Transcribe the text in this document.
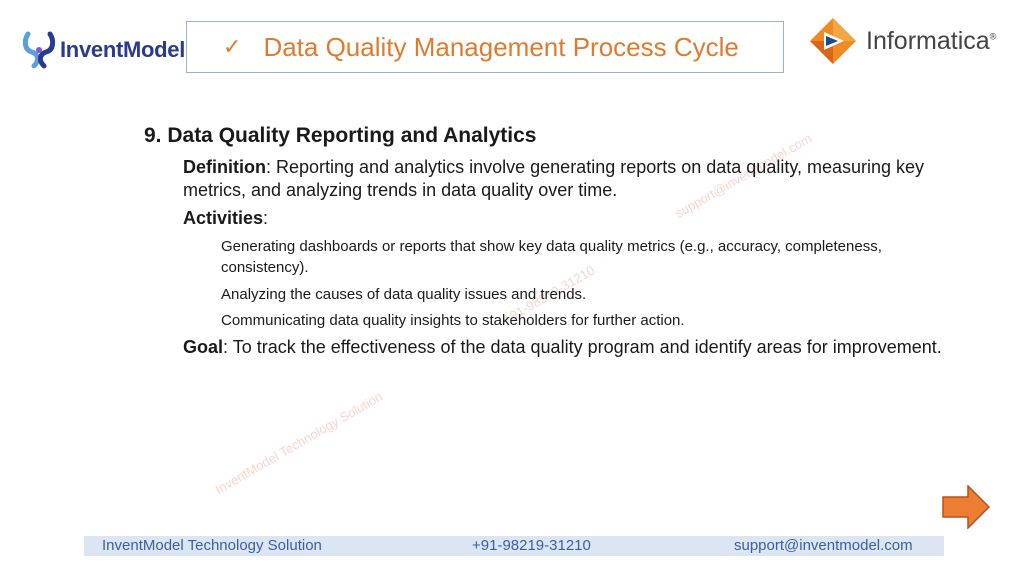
InventModel ✓ Data Quality Management Process Cycle	Informatica®
support@inventmodel.com
+91-98219-31210
InventModel Technology Solution
9. Data Quality Reporting and Analytics
Definition: Reporting and analytics involve generating reports on data quality, measuring key metrics, and analyzing trends in data quality over time.
Activities:
Generating dashboards or reports that show key data quality metrics (e.g., accuracy, completeness, consistency).
Analyzing the causes of data quality issues and trends.
Communicating data quality insights to stakeholders for further action.
Goal: To track the effectiveness of the data quality program and identify areas for improvement.
InventModel Technology Solution	+91-98219-31210	support@inventmodel.com
